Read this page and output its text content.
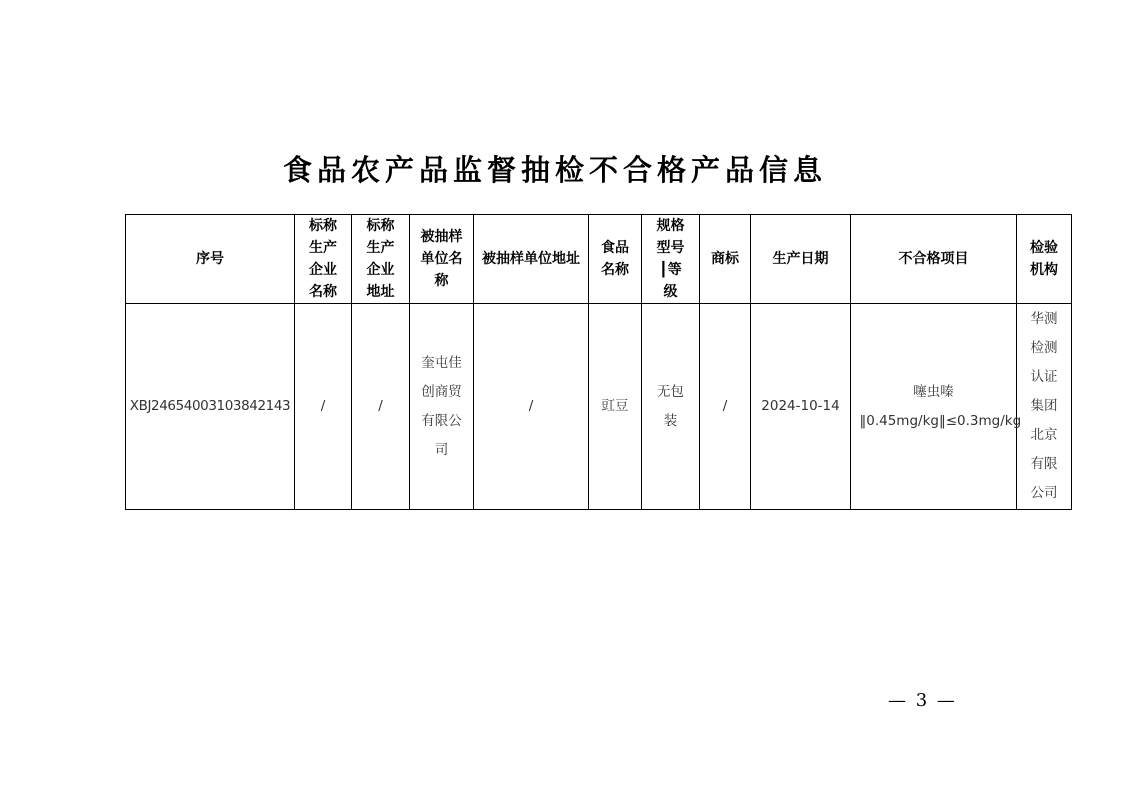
食品农产品监督抽检不合格产品信息
序号	标称生产企业名称	标称生产企业地址	被抽样单位名称	被抽样单位地址	食品名称	规格型号┃等级	商标	生产日期	不合格项目	检验机构

XBJ24654003103842143	/	/	奎屯佳创商贸有限公司	/	豇豆	无包装	/	2024-10-14	噻虫嗪‖0.45mg/kg‖≤0.3mg/kg	华测检测认证集团北京有限公司
— 3 —
